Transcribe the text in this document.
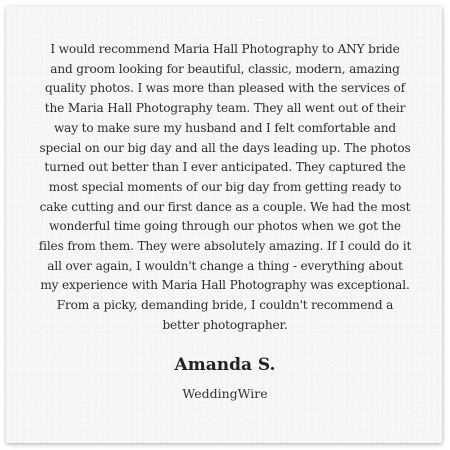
I would recommend Maria Hall Photography to ANY bride and groom looking for beautiful, classic, modern, amazing quality photos. I was more than pleased with the services of the Maria Hall Photography team. They all went out of their way to make sure my husband and I felt comfortable and special on our big day and all the days leading up. The photos turned out better than I ever anticipated. They captured the most special moments of our big day from getting ready to cake cutting and our first dance as a couple. We had the most wonderful time going through our photos when we got the files from them. They were absolutely amazing. If I could do it all over again, I wouldn't change a thing - everything about my experience with Maria Hall Photography was exceptional. From a picky, demanding bride, I couldn't recommend a better photographer.

Amanda S.

WeddingWire
